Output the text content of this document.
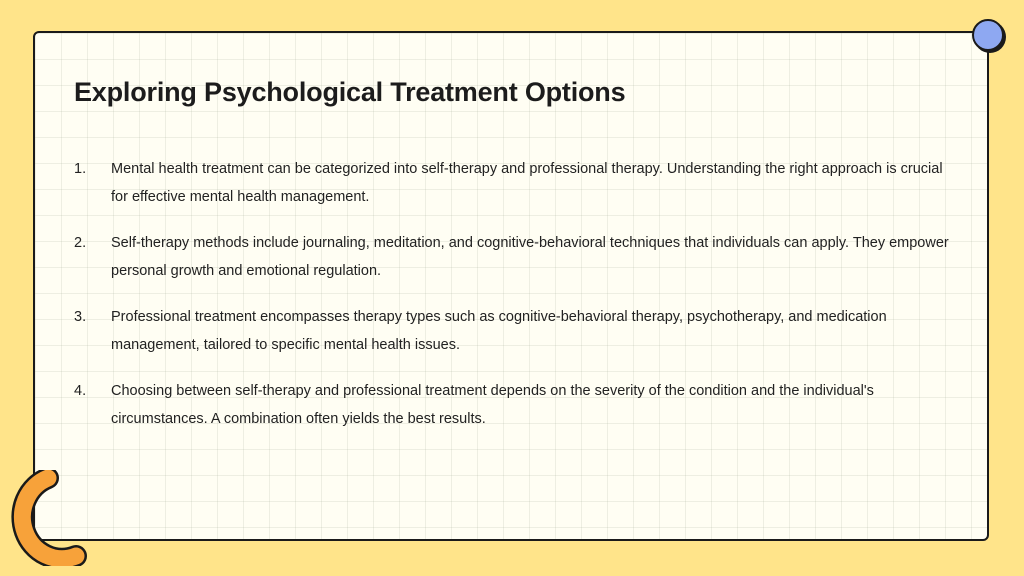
Exploring Psychological Treatment Options
1.	Mental health treatment can be categorized into self-therapy and professional therapy. Understanding the right approach is crucial for effective mental health management.
2.	Self-therapy methods include journaling, meditation, and cognitive-behavioral techniques that individuals can apply. They empower personal growth and emotional regulation.
3.	Professional treatment encompasses therapy types such as cognitive-behavioral therapy, psychotherapy, and medication management, tailored to specific mental health issues.
4.	Choosing between self-therapy and professional treatment depends on the severity of the condition and the individual's circumstances. A combination often yields the best results.
